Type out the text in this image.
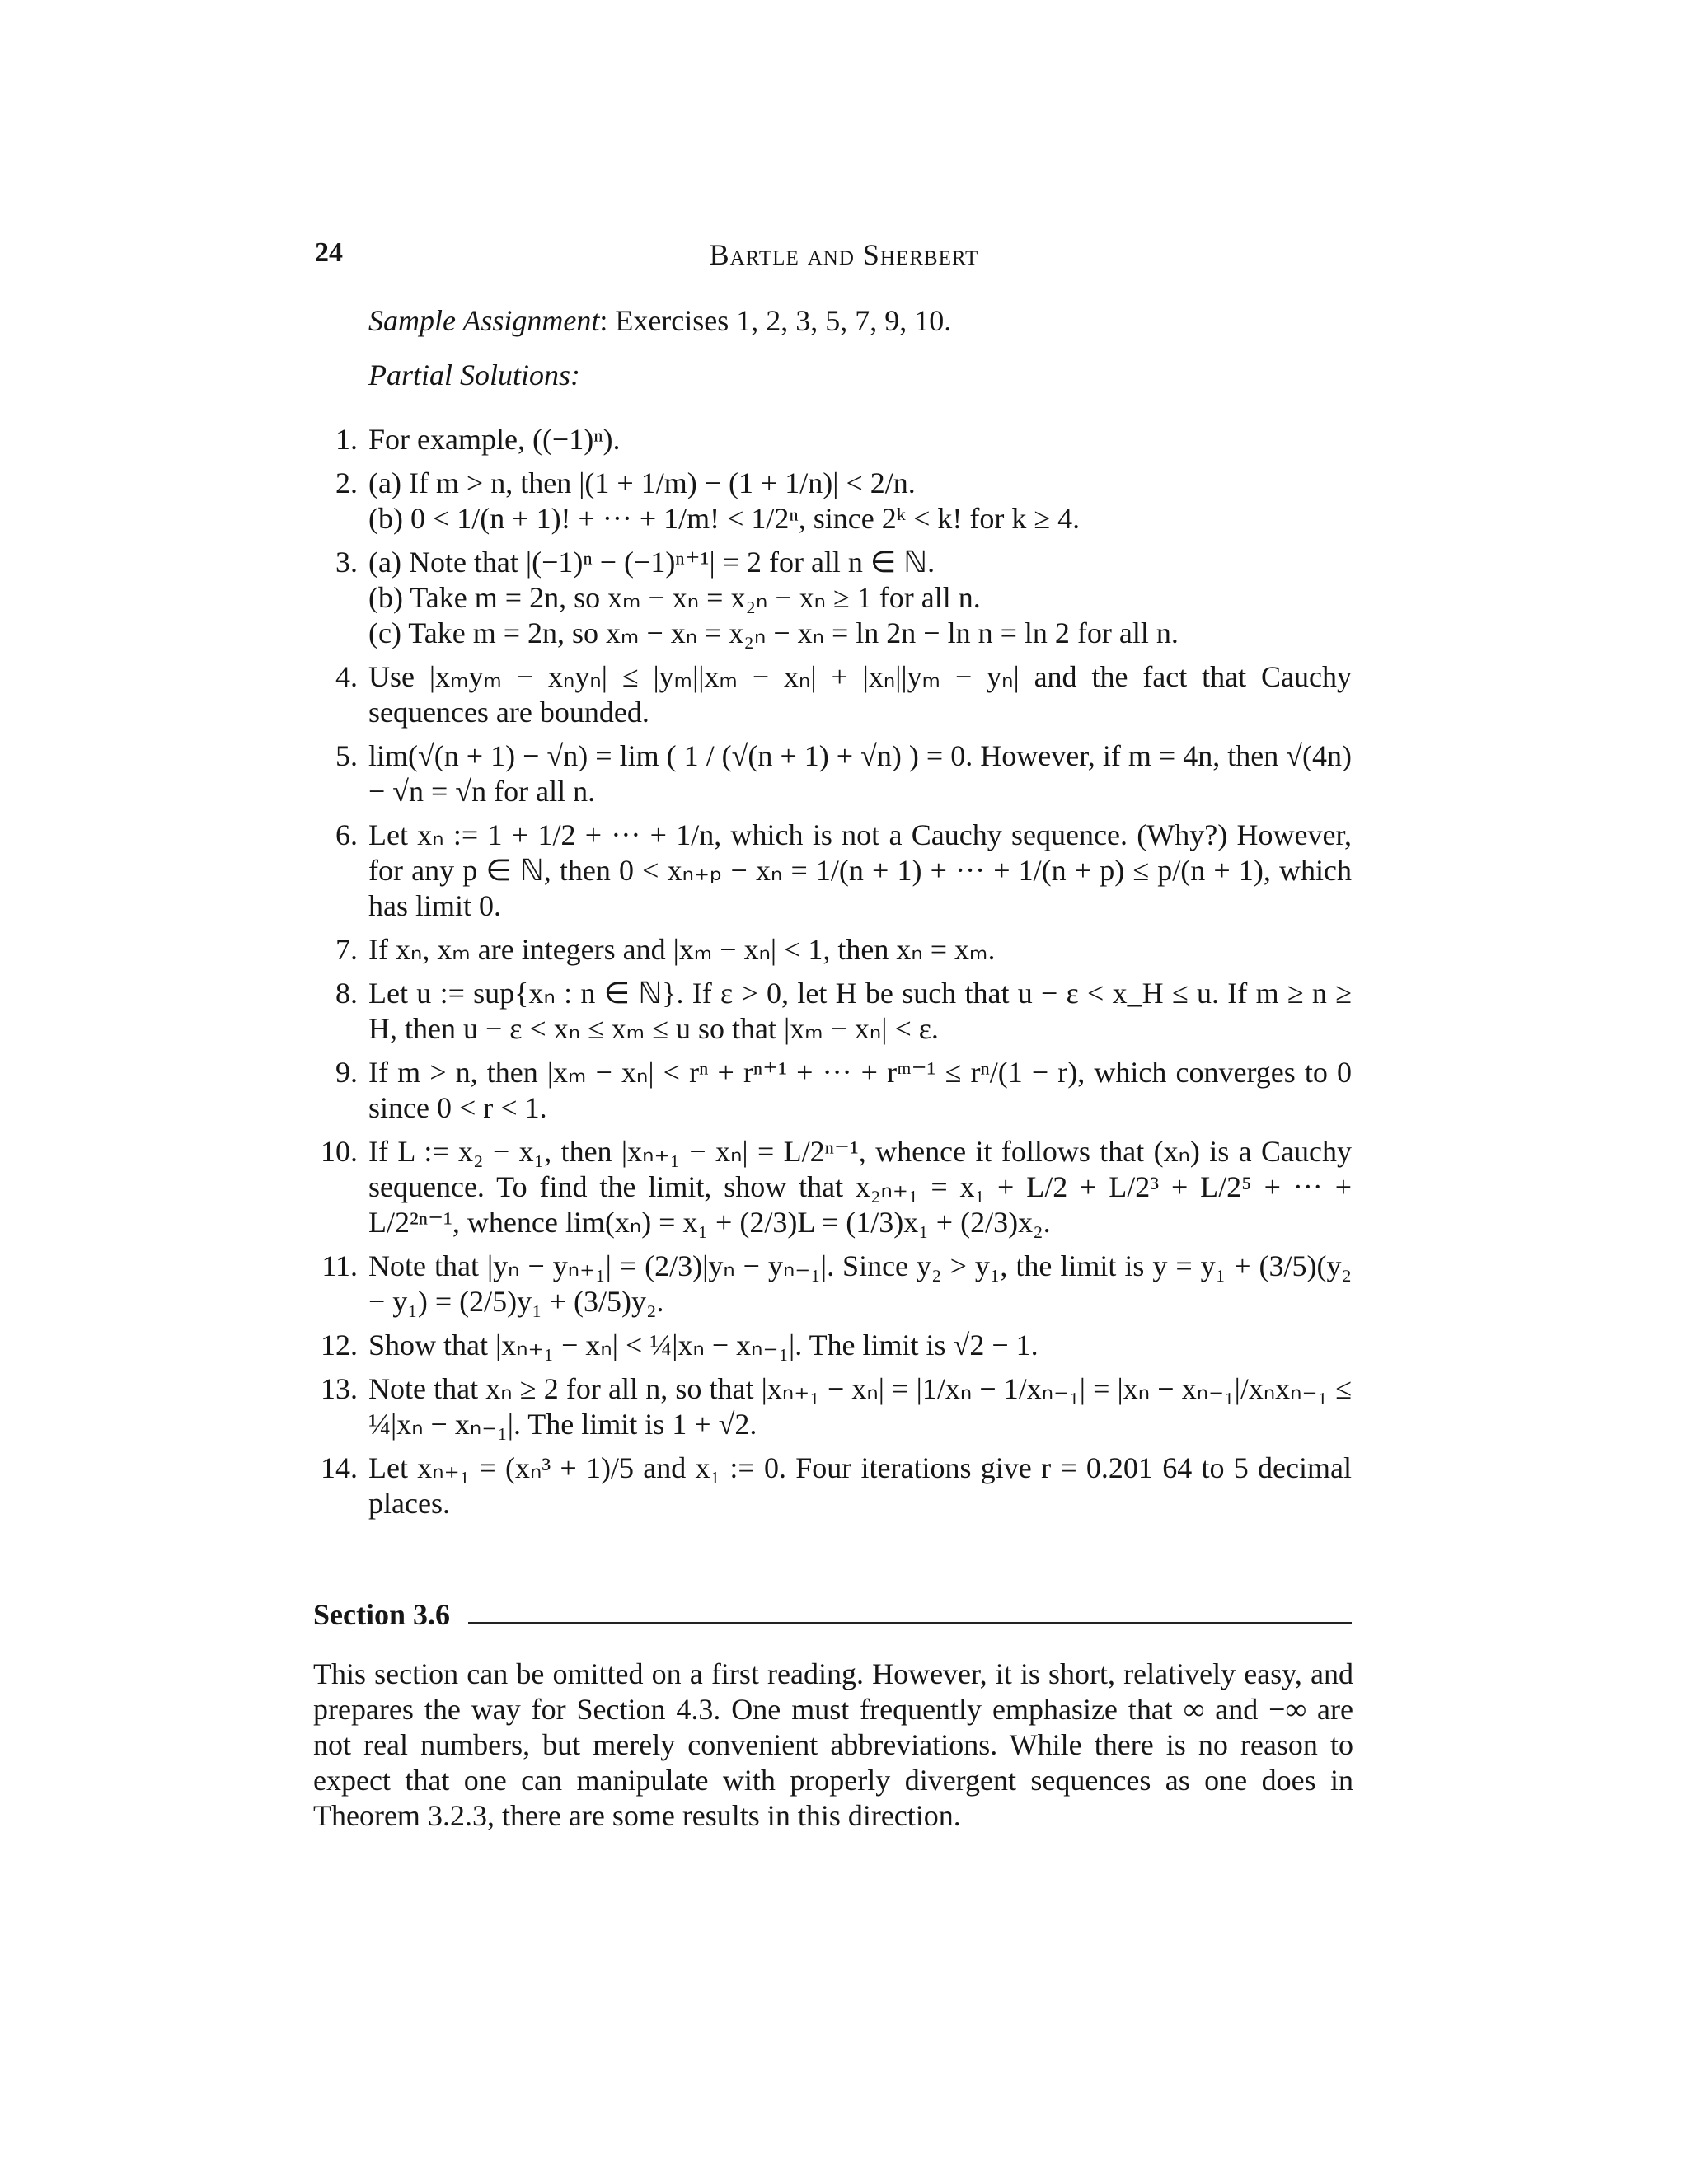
24	Bartle and Sherbert
Sample Assignment: Exercises 1, 2, 3, 5, 7, 9, 10.
Partial Solutions:
1. For example, ((−1)ⁿ).
2. (a) If m > n, then |(1 + 1/m) − (1 + 1/n)| < 2/n.
(b) 0 < 1/(n + 1)! + ··· + 1/m! < 1/2ⁿ, since 2ᵏ < k! for k ≥ 4.
3. (a) Note that |(−1)ⁿ − (−1)ⁿ⁺¹| = 2 for all n ∈ ℕ.
(b) Take m = 2n, so xₘ − xₙ = x₂ₙ − xₙ ≥ 1 for all n.
(c) Take m = 2n, so xₘ − xₙ = x₂ₙ − xₙ = ln 2n − ln n = ln 2 for all n.
4. Use |xₘyₘ − xₙyₙ| ≤ |yₘ||xₘ − xₙ| + |xₙ||yₘ − yₙ| and the fact that Cauchy sequences are bounded.
5. lim(√(n + 1) − √n) = lim ( 1 / (√(n + 1) + √n) ) = 0. However, if m = 4n, then √(4n) − √n = √n for all n.
6. Let xₙ := 1 + 1/2 + ··· + 1/n, which is not a Cauchy sequence. (Why?) However, for any p ∈ ℕ, then 0 < xₙ₊ₚ − xₙ = 1/(n + 1) + ··· + 1/(n + p) ≤ p/(n + 1), which has limit 0.
7. If xₙ, xₘ are integers and |xₘ − xₙ| < 1, then xₙ = xₘ.
8. Let u := sup{xₙ : n ∈ ℕ}. If ε > 0, let H be such that u − ε < x_H ≤ u. If m ≥ n ≥ H, then u − ε < xₙ ≤ xₘ ≤ u so that |xₘ − xₙ| < ε.
9. If m > n, then |xₘ − xₙ| < rⁿ + rⁿ⁺¹ + ··· + rᵐ⁻¹ ≤ rⁿ/(1 − r), which converges to 0 since 0 < r < 1.
10. If L := x₂ − x₁, then |xₙ₊₁ − xₙ| = L/2ⁿ⁻¹, whence it follows that (xₙ) is a Cauchy sequence. To find the limit, show that x₂ₙ₊₁ = x₁ + L/2 + L/2³ + L/2⁵ + ··· + L/2²ⁿ⁻¹, whence lim(xₙ) = x₁ + (2/3)L = (1/3)x₁ + (2/3)x₂.
11. Note that |yₙ − yₙ₊₁| = (2/3)|yₙ − yₙ₋₁|. Since y₂ > y₁, the limit is y = y₁ + (3/5)(y₂ − y₁) = (2/5)y₁ + (3/5)y₂.
12. Show that |xₙ₊₁ − xₙ| < ¼|xₙ − xₙ₋₁|. The limit is √2 − 1.
13. Note that xₙ ≥ 2 for all n, so that |xₙ₊₁ − xₙ| = |1/xₙ − 1/xₙ₋₁| = |xₙ − xₙ₋₁|/xₙxₙ₋₁ ≤ ¼|xₙ − xₙ₋₁|. The limit is 1 + √2.
14. Let xₙ₊₁ = (xₙ³ + 1)/5 and x₁ := 0. Four iterations give r = 0.201 64 to 5 decimal places.
Section 3.6
This section can be omitted on a first reading. However, it is short, relatively easy, and prepares the way for Section 4.3. One must frequently emphasize that ∞ and −∞ are not real numbers, but merely convenient abbreviations. While there is no reason to expect that one can manipulate with properly divergent sequences as one does in Theorem 3.2.3, there are some results in this direction.
